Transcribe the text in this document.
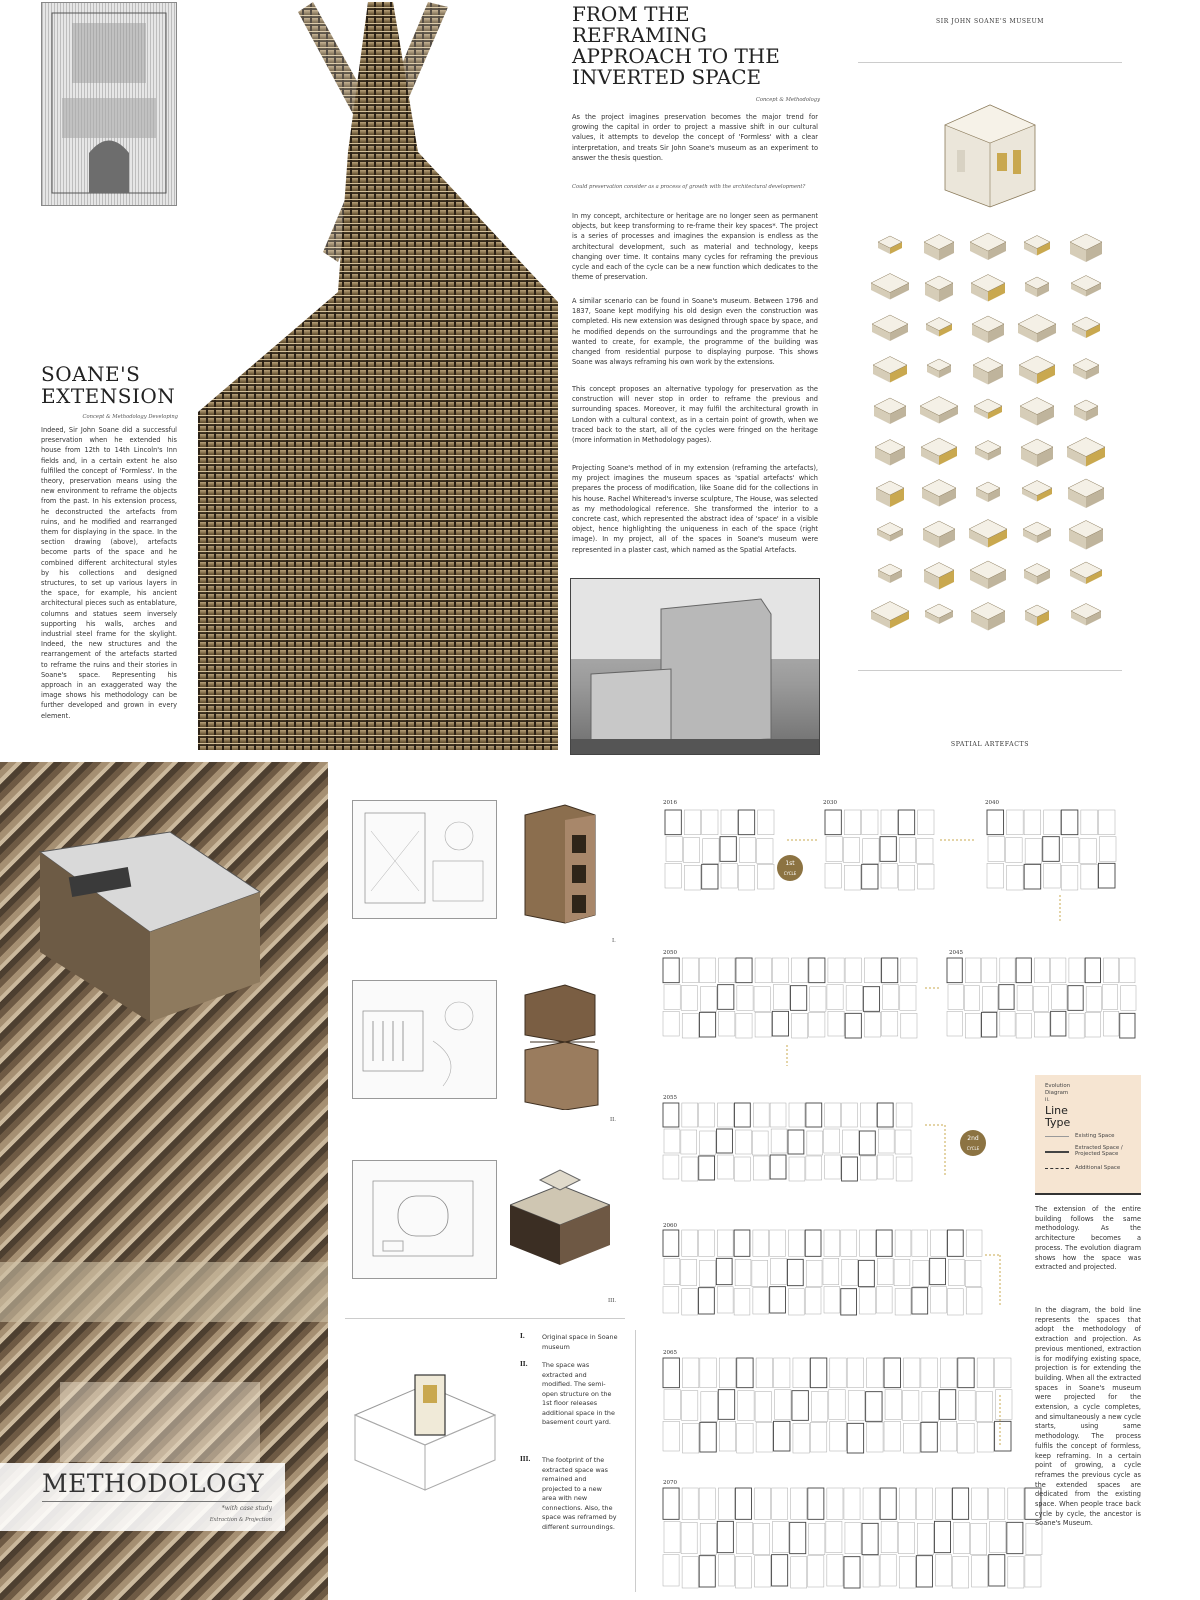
SOANE'S
EXTENSION
Concept & Methodology Developing
Indeed, Sir John Soane did a successful preservation when he extended his house from 12th to 14th Lincoln's Inn fields and, in a certain extent he also fulfilled the concept of 'Formless'. In the theory, preservation means using the new environment to reframe the objects from the past. In his extension process, he deconstructed the artefacts from ruins, and he modified and rearranged them for displaying in the space. In the section drawing (above), artefacts become parts of the space and he combined different architectural styles by his collections and designed structures, to set up various layers in the space, for example, his ancient architectural pieces such as entablature, columns and statues seem inversely supporting his walls, arches and industrial steel frame for the skylight. Indeed, the new structures and the rearrangement of the artefacts started to reframe the ruins and their stories in Soane's space. Representing his approach in an exaggerated way the image shows his methodology can be further developed and grown in every element.
FROM THE
REFRAMING
APPROACH TO THE
INVERTED SPACE
Concept & Methodology
As the project imagines preservation becomes the major trend for growing the capital in order to project a massive shift in our cultural values, it attempts to develop the concept of 'Formless' with a clear interpretation, and treats Sir John Soane's museum as an experiment to answer the thesis question.
Could preservation consider as a process of growth with the architectural development?
In my concept, architecture or heritage are no longer seen as permanent objects, but keep transforming to re-frame their key spaces*. The project is a series of processes and imagines the expansion is endless as the architectural development, such as material and technology, keeps changing over time. It contains many cycles for reframing the previous cycle and each of the cycle can be a new function which dedicates to the theme of preservation.
A similar scenario can be found in Soane's museum. Between 1796 and 1837, Soane kept modifying his old design even the construction was completed. His new extension was designed through space by space, and he modified depends on the surroundings and the programme that he wanted to create, for example, the programme of the building was changed from residential purpose to displaying purpose. This shows Soane was always reframing his own work by the extensions.
This concept proposes an alternative typology for preservation as the construction will never stop in order to reframe the previous and surrounding spaces. Moreover, it may fulfil the architectural growth in London with a cultural context, as in a certain point of growth, when we traced back to the start, all of the cycles were fringed on the heritage (more information in Methodology pages).
Projecting Soane's method of in my extension (reframing the artefacts), my project imagines the museum spaces as 'spatial artefacts' which prepares the process of modification, like Soane did for the collections in his house. Rachel Whiteread's inverse sculpture, The House, was selected as my methodological reference. She transformed the interior to a concrete cast, which represented the abstract idea of 'space' in a visible object, hence highlighting the uniqueness in each of the space (right image). In my project, all of the spaces in Soane's museum were represented in a plaster cast, which named as the Spatial Artefacts.
SIR JOHN SOANE'S MUSEUM
SPATIAL ARTEFACTS
METHODOLOGY
*with case study
Extraction & Projection
I.
II.
III.
I.	Original space in Soane museum
II. The space was extracted and modified. The semi-open structure on the 1st floor releases additional space in the basement court yard.
III. The footprint of the extracted space was remained and projected to a new area with new connections. Also, the space was reframed by different surroundings.
2016	2030	2040
2050	2045
2055
2060
2065
2070
1st
CYCLE
2nd
CYCLE
Evolution
Diagram
ii.
Line
Type
Existing Space
Extracted Space / Projected Space
Additional Space
The extension of the entire building follows the same methodology. As the architecture becomes a process. The evolution diagram shows how the space was extracted and projected.
In the diagram, the bold line represents the spaces that adopt the methodology of extraction and projection. As previous mentioned, extraction is for modifying existing space, projection is for extending the building. When all the extracted spaces in Soane's museum were projected for the extension, a cycle completes, and simultaneously a new cycle starts, using same methodology. The process fulfils the concept of formless, keep reframing. In a certain point of growing, a cycle reframes the previous cycle as the extended spaces are dedicated from the existing space. When people trace back cycle by cycle, the ancestor is Soane's Museum.
